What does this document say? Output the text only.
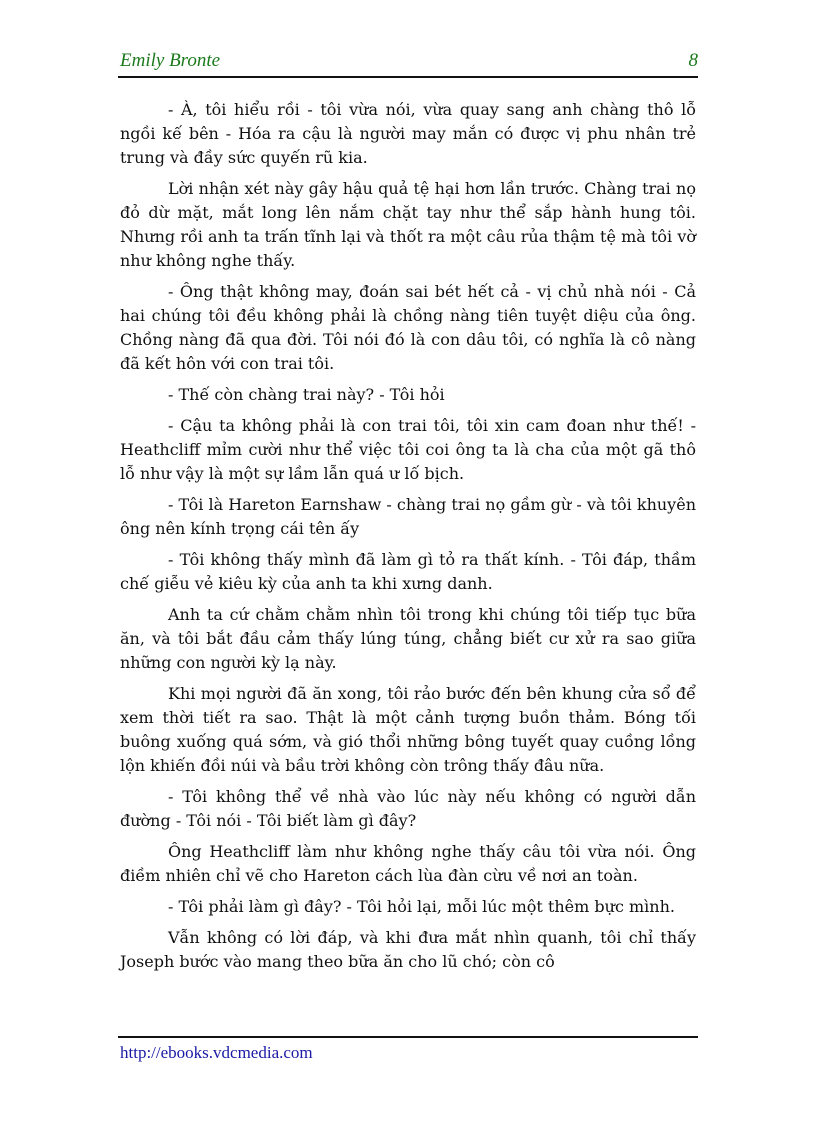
Emily Bronte	8

- À, tôi hiểu rồi - tôi vừa nói, vừa quay sang anh chàng thô lỗ ngồi kế bên - Hóa ra cậu là người may mắn có được vị phu nhân trẻ trung và đầy sức quyến rũ kia.

Lời nhận xét này gây hậu quả tệ hại hơn lần trước. Chàng trai nọ đỏ dừ mặt, mắt long lên nắm chặt tay như thể sắp hành hung tôi. Nhưng rồi anh ta trấn tĩnh lại và thốt ra một câu rủa thậm tệ mà tôi vờ như không nghe thấy.

- Ông thật không may, đoán sai bét hết cả - vị chủ nhà nói - Cả hai chúng tôi đều không phải là chồng nàng tiên tuyệt diệu của ông. Chồng nàng đã qua đời. Tôi nói đó là con dâu tôi, có nghĩa là cô nàng đã kết hôn với con trai tôi.

- Thế còn chàng trai này? - Tôi hỏi

- Cậu ta không phải là con trai tôi, tôi xin cam đoan như thế! - Heathcliff mỉm cười như thể việc tôi coi ông ta là cha của một gã thô lỗ như vậy là một sự lầm lẫn quá ư lố bịch.

- Tôi là Hareton Earnshaw - chàng trai nọ gầm gừ - và tôi khuyên ông nên kính trọng cái tên ấy

- Tôi không thấy mình đã làm gì tỏ ra thất kính. - Tôi đáp, thầm chế giễu vẻ kiêu kỳ của anh ta khi xưng danh.

Anh ta cứ chằm chằm nhìn tôi trong khi chúng tôi tiếp tục bữa ăn, và tôi bắt đầu cảm thấy lúng túng, chẳng biết cư xử ra sao giữa những con người kỳ lạ này.

Khi mọi người đã ăn xong, tôi rảo bước đến bên khung cửa sổ để xem thời tiết ra sao. Thật là một cảnh tượng buồn thảm. Bóng tối buông xuống quá sớm, và gió thổi những bông tuyết quay cuồng lồng lộn khiến đồi núi và bầu trời không còn trông thấy đâu nữa.

- Tôi không thể về nhà vào lúc này nếu không có người dẫn đường - Tôi nói - Tôi biết làm gì đây?

Ông Heathcliff làm như không nghe thấy câu tôi vừa nói. Ông điềm nhiên chỉ vẽ cho Hareton cách lùa đàn cừu về nơi an toàn.

- Tôi phải làm gì đây? - Tôi hỏi lại, mỗi lúc một thêm bực mình.

Vẫn không có lời đáp, và khi đưa mắt nhìn quanh, tôi chỉ thấy Joseph bước vào mang theo bữa ăn cho lũ chó; còn cô

http://ebooks.vdcmedia.com
